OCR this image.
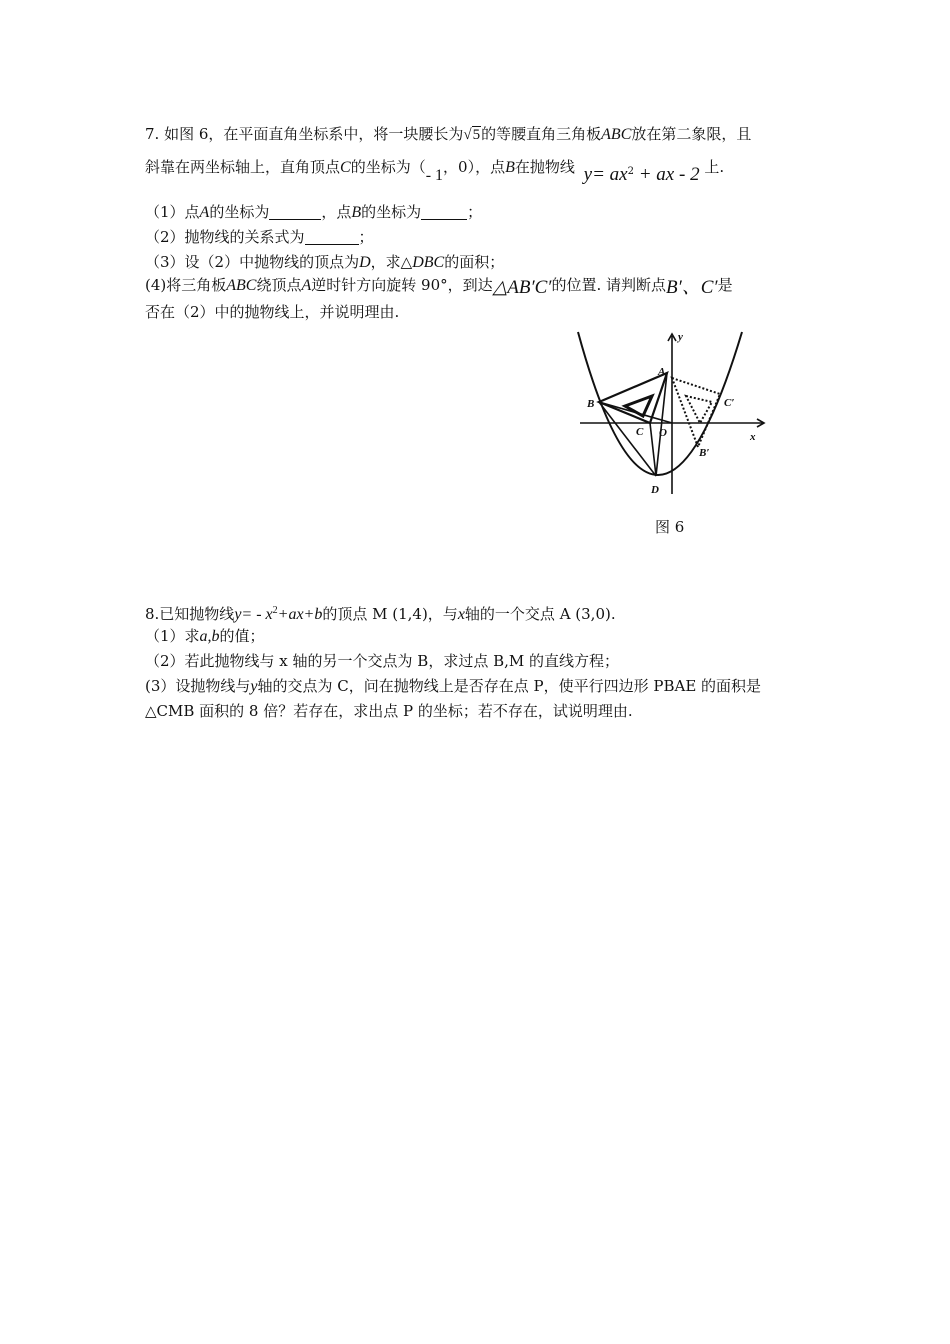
7. 如图 6，在平面直角坐标系中，将一块腰长为√5的等腰直角三角板ABC放在第二象限，且
斜靠在两坐标轴上，直角顶点C的坐标为（- 1，0），点B在抛物线 $y= ax^2$ + ax - 2 上.
（1）点A的坐标为	，点B的坐标为	；
（2）抛物线的关系式为	；
（3）设（2）中抛物线的顶点为D，求△DBC的面积；
(4)将三角板ABC绕顶点A逆时针方向旋转 90°，到达△AB′C′的位置. 请判断点B′、C′是
否在（2）中的抛物线上，并说明理由.
y
x
A
B
C O
D
C′
B′
图 6
8.已知抛物线$y= - x^2+ax+b$的顶点 M (1,4)，与x轴的一个交点 A (3,0).
（1）求a,b的值；
（2）若此抛物线与 x 轴的另一个交点为 B，求过点 B,M 的直线方程；
(3）设抛物线与y轴的交点为 C，问在抛物线上是否存在点 P，使平行四边形 PBAE 的面积是
△CMB 面积的 8 倍？若存在，求出点 P 的坐标；若不存在，试说明理由.
